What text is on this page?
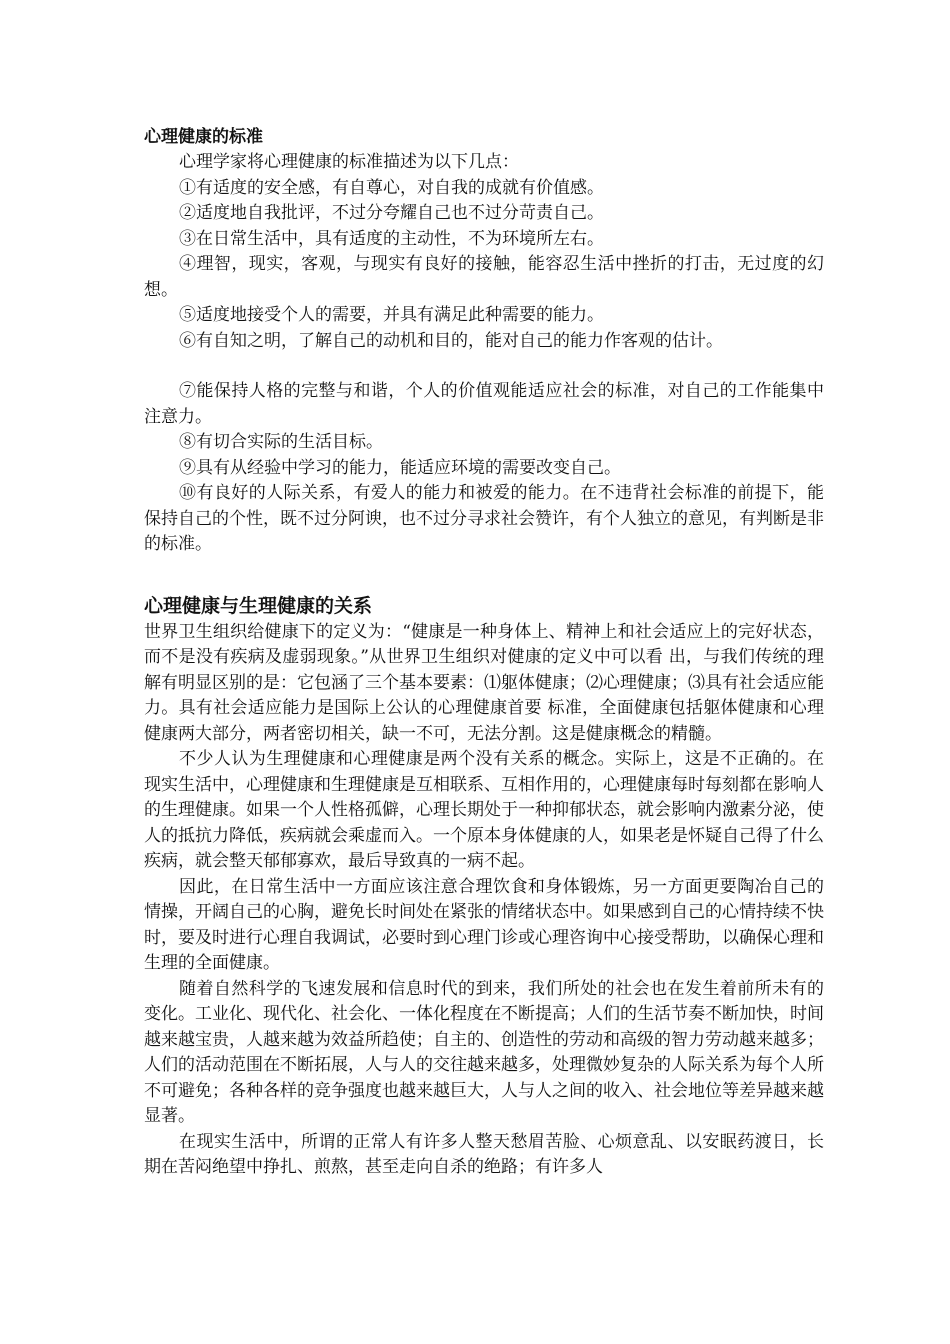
心理健康的标准

心理学家将心理健康的标准描述为以下几点：

①有适度的安全感，有自尊心，对自我的成就有价值感。

②适度地自我批评，不过分夸耀自己也不过分苛责自己。

③在日常生活中，具有适度的主动性，不为环境所左右。

④理智，现实，客观，与现实有良好的接触，能容忍生活中挫折的打击，无过度的幻想。

⑤适度地接受个人的需要，并具有满足此种需要的能力。

⑥有自知之明，了解自己的动机和目的，能对自己的能力作客观的估计。

⑦能保持人格的完整与和谐，个人的价值观能适应社会的标准，对自己的工作能集中注意力。

⑧有切合实际的生活目标。

⑨具有从经验中学习的能力，能适应环境的需要改变自己。

⑩有良好的人际关系，有爱人的能力和被爱的能力。在不违背社会标准的前提下，能保持自己的个性，既不过分阿谀，也不过分寻求社会赞许，有个人独立的意见，有判断是非的标准。

心理健康与生理健康的关系

世界卫生组织给健康下的定义为：“健康是一种身体上、精神上和社会适应上的完好状态，而不是没有疾病及虚弱现象。”从世界卫生组织对健康的定义中可以看 出，与我们传统的理解有明显区别的是：它包涵了三个基本要素：⑴躯体健康；⑵心理健康；⑶具有社会适应能力。具有社会适应能力是国际上公认的心理健康首要 标准，全面健康包括躯体健康和心理健康两大部分，两者密切相关，缺一不可，无法分割。这是健康概念的精髓。

不少人认为生理健康和心理健康是两个没有关系的概念。实际上，这是不正确的。在现实生活中，心理健康和生理健康是互相联系、互相作用的，心理健康每时每刻都在影响人的生理健康。如果一个人性格孤僻，心理长期处于一种抑郁状态，就会影响内激素分泌，使人的抵抗力降低，疾病就会乘虚而入。一个原本身体健康的人，如果老是怀疑自己得了什么疾病，就会整天郁郁寡欢，最后导致真的一病不起。

因此，在日常生活中一方面应该注意合理饮食和身体锻炼，另一方面更要陶冶自己的情操，开阔自己的心胸，避免长时间处在紧张的情绪状态中。如果感到自己的心情持续不快时，要及时进行心理自我调试，必要时到心理门诊或心理咨询中心接受帮助，以确保心理和生理的全面健康。

随着自然科学的飞速发展和信息时代的到来，我们所处的社会也在发生着前所未有的变化。工业化、现代化、社会化、一体化程度在不断提高；人们的生活节奏不断加快，时间越来越宝贵，人越来越为效益所趋使；自主的、创造性的劳动和高级的智力劳动越来越多；人们的活动范围在不断拓展，人与人的交往越来越多，处理微妙复杂的人际关系为每个人所不可避免；各种各样的竞争强度也越来越巨大，人与人之间的收入、社会地位等差异越来越显著。

在现实生活中，所谓的正常人有许多人整天愁眉苦脸、心烦意乱、以安眠药渡日，长期在苦闷绝望中挣扎、煎熬，甚至走向自杀的绝路；有许多人
